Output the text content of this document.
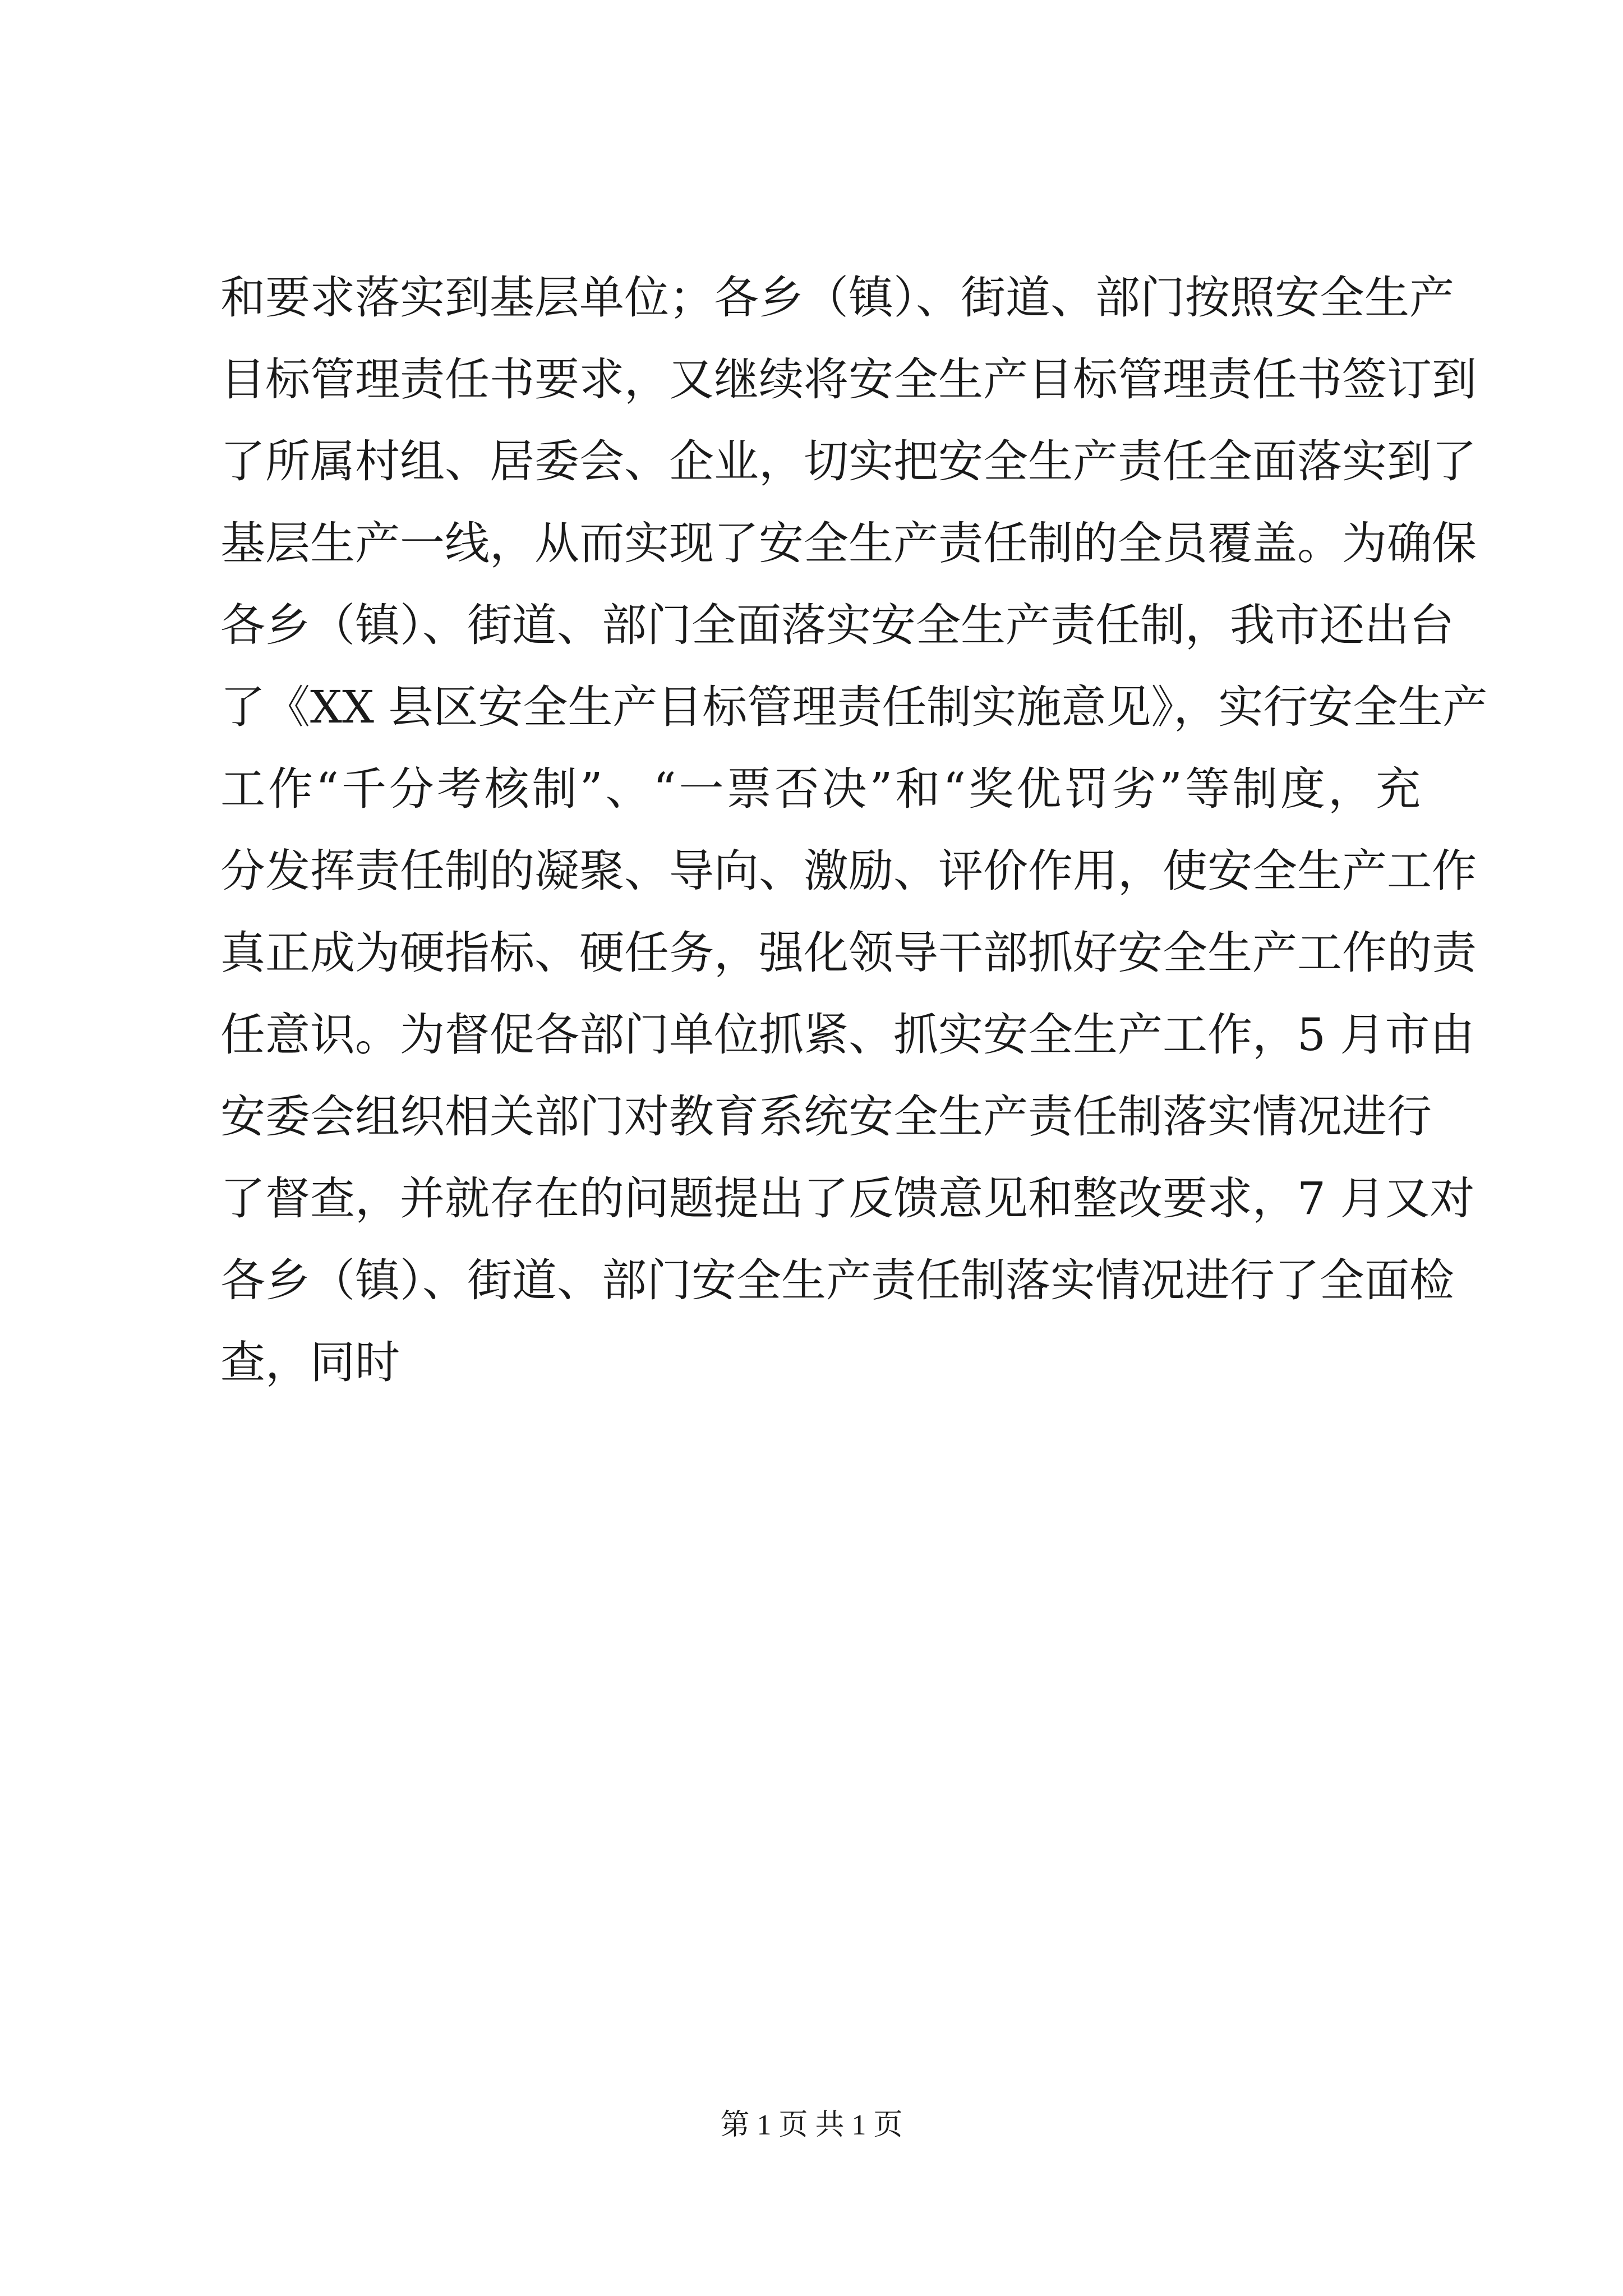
和要求落实到基层单位；各乡（镇）、街道、部门按照安全生产
目标管理责任书要求，又继续将安全生产目标管理责任书签订到
了所属村组、居委会、企业，切实把安全生产责任全面落实到了
基层生产一线，从而实现了安全生产责任制的全员覆盖。为确保
各乡（镇）、街道、部门全面落实安全生产责任制，我市还出台
了《XX 县区安全生产目标管理责任制实施意见》，实行安全生产
工作“千分考核制”、“一票否决”和“奖优罚劣”等制度，充
分发挥责任制的凝聚、导向、激励、评价作用，使安全生产工作
真正成为硬指标、硬任务，强化领导干部抓好安全生产工作的责
任意识。为督促各部门单位抓紧、抓实安全生产工作，5 月市由
安委会组织相关部门对教育系统安全生产责任制落实情况进行
了督查，并就存在的问题提出了反馈意见和整改要求，7 月又对
各乡（镇）、街道、部门安全生产责任制落实情况进行了全面检
查，同时
第 1 页 共 1 页
